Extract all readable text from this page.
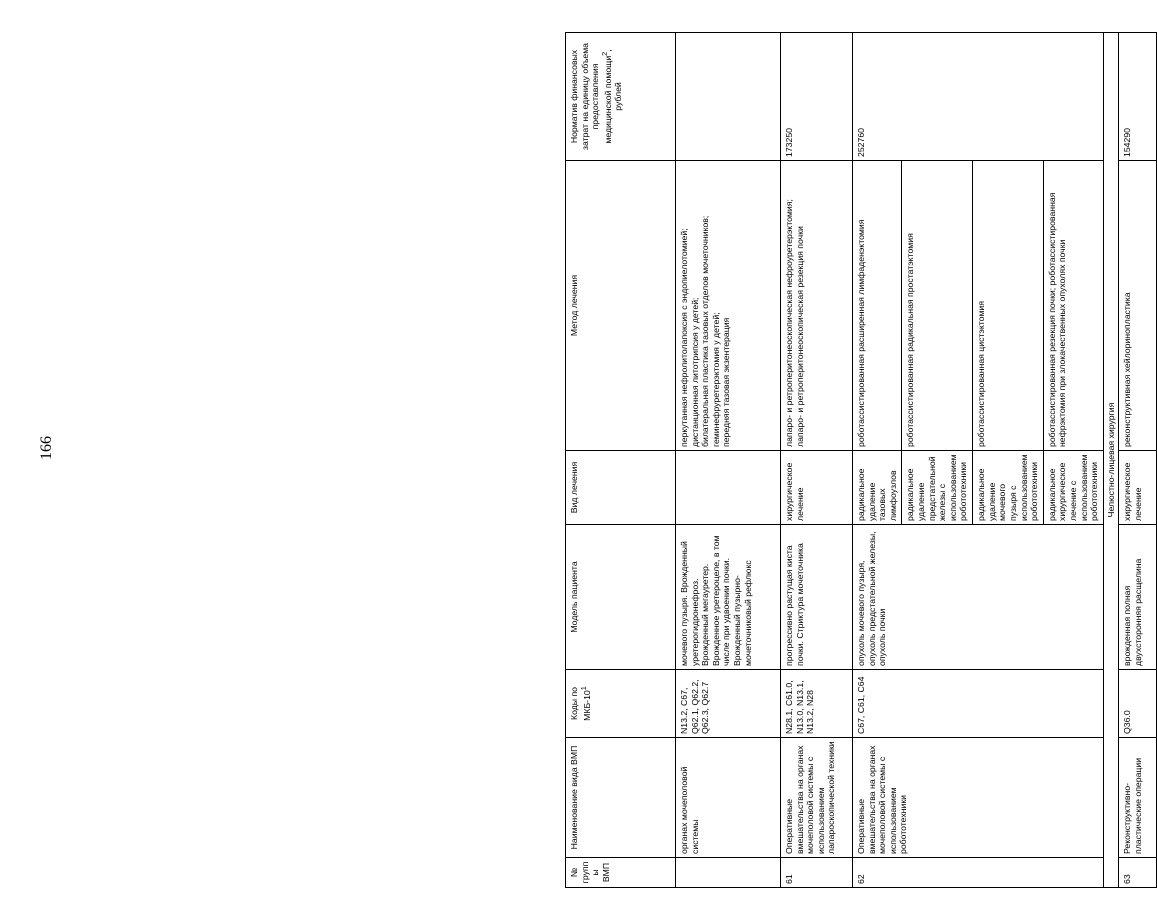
166
№ группы ВМП	Наименование вида ВМП	Коды по МКБ-$10^1$	Модель пациента	Вид лечения	Метод лечения	Норматив финансовых затрат на единицу объема предоставления медицинской помощи$^2$, рублей
	органах мочеполовой системы	N13.2, C67, Q62.1, Q62.2, Q62.3, Q62.7	мочевого пузыря. Врожденный уретерогидронефроз. Врожденный мегауретер. Врожденное уретероцеле, в том числе при удвоении почки. Врожденный пузырно-мочеточниковый рефлюкс		перкутанная нефролитолапоксия с эндопиелотомией; дистанционная литотрипсия у детей; билатеральная пластика тазовых отделов мочеточников; геминефруретерэктомия у детей; передняя тазовая экзентерация	

61	Оперативные вмешательства на органах мочеполовой системы с использованием лапароскопической техники	N28.1, C61.0, N13.0, N13.1, N13.2, N28	прогрессивно растущая киста почки. Стриктура мочеточника	хирургическое лечение	лапаро- и ретроперитонеоскопическая нефроуретерэктомия; лапаро- и ретроперитонеоскопическая резекция почки	173250
62	Оперативные вмешательства на органах мочеполовой системы с использованием робототехники	C67, C61, C64	опухоль мочевого пузыря, опухоль предстательной железы, опухоль почки	радикальное удаление тазовых лимфоузлов	роботассистированная расширенная лимфаденэктомия	252760
				радикальное удаление предстательной железы с использованием робототехники	роботассистированная радикальная простатэктомия	
				радикальное удаление мочевого пузыря с использованием робототехники	роботассистированная цистэктомия	
				радикальное хирургическое лечение с использованием робототехники	роботассистированная резекция почки; роботассистированная нефрэктомия при злокачественных опухолях почки	
Челюстно-лицевая хирургия						
63	Реконструктивно-пластические операции	Q36.0	врожденная полная двухсторонняя расщелина	хирургическое лечение	реконструктивная хейлоринопластика	154290
